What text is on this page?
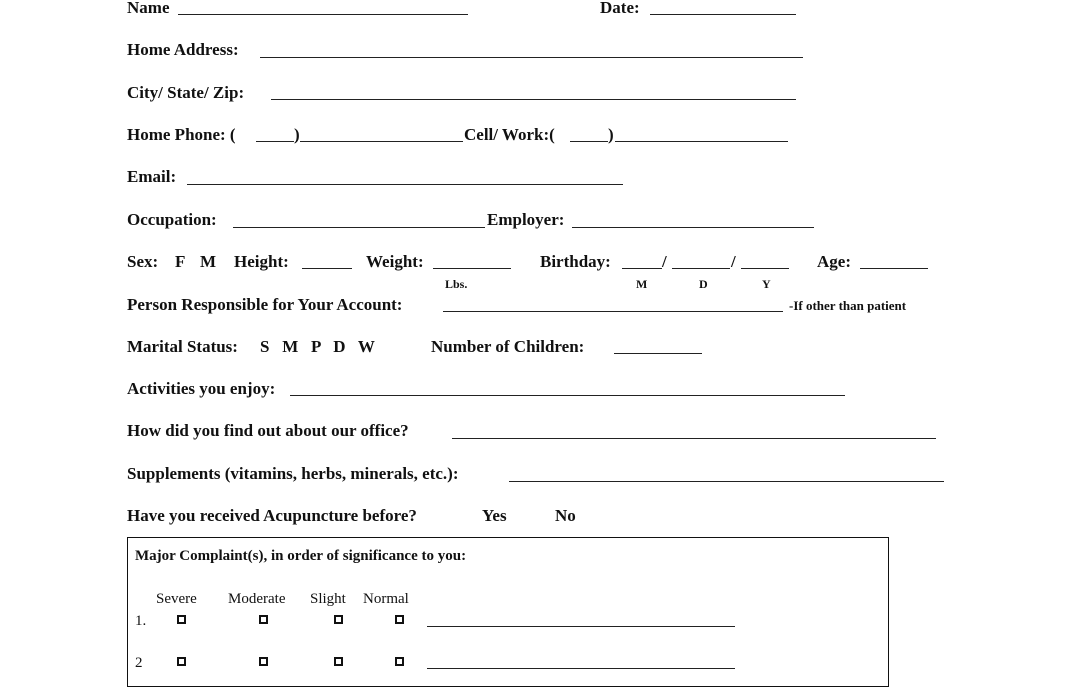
Name	Date:
Home Address:
City/ State/ Zip:
Home Phone: (	)	Cell/ Work:(	)
Email:
Occupation:	Employer:
Sex: F M Height:	Weight:	Birthday:	/	/	Age:
Lbs.	M	D	Y
Person Responsible for Your Account:	-If other than patient
Marital Status: S   M   P   D   W	Number of Children:
Activities you enjoy:
How did you find out about our office?
Supplements (vitamins, herbs, minerals, etc.):
Have you received Acupuncture before?	Yes	No
Major Complaint(s), in order of significance to you:
Severe Moderate Slight Normal
1.
2
